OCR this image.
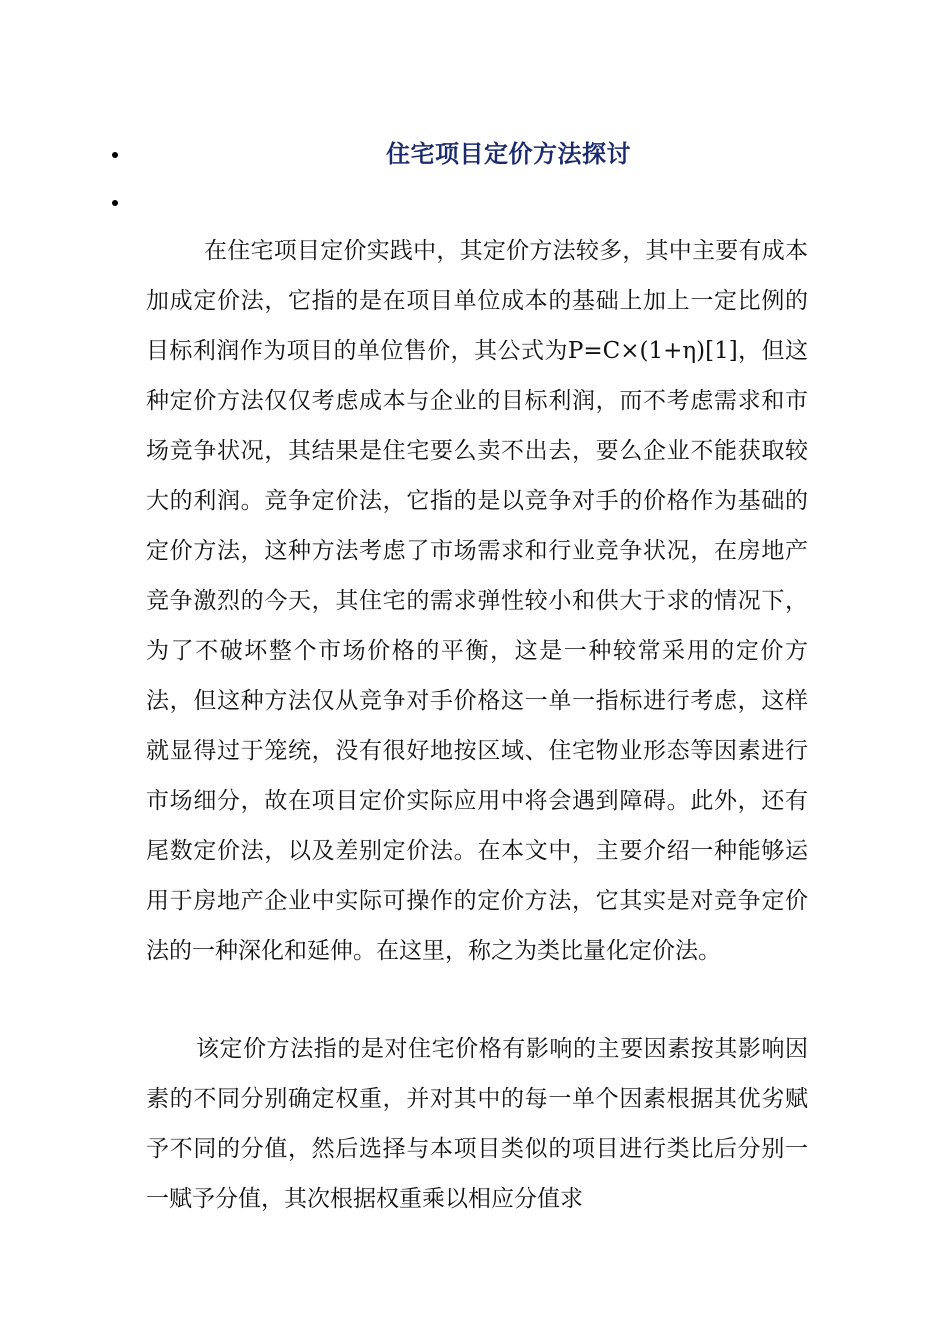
住宅项目定价方法探讨

在住宅项目定价实践中，其定价方法较多，其中主要有成本加成定价法，它指的是在项目单位成本的基础上加上一定比例的目标利润作为项目的单位售价，其公式为P=C×(1+η)[1]，但这种定价方法仅仅考虑成本与企业的目标利润，而不考虑需求和市场竞争状况，其结果是住宅要么卖不出去，要么企业不能获取较大的利润。竞争定价法，它指的是以竞争对手的价格作为基础的定价方法，这种方法考虑了市场需求和行业竞争状况，在房地产竞争激烈的今天，其住宅的需求弹性较小和供大于求的情况下，为了不破坏整个市场价格的平衡，这是一种较常采用的定价方法，但这种方法仅从竞争对手价格这一单一指标进行考虑，这样就显得过于笼统，没有很好地按区域、住宅物业形态等因素进行市场细分，故在项目定价实际应用中将会遇到障碍。此外，还有尾数定价法，以及差别定价法。在本文中，主要介绍一种能够运用于房地产企业中实际可操作的定价方法，它其实是对竞争定价法的一种深化和延伸。在这里，称之为类比量化定价法。

该定价方法指的是对住宅价格有影响的主要因素按其影响因素的不同分别确定权重，并对其中的每一单个因素根据其优劣赋予不同的分值，然后选择与本项目类似的项目进行类比后分别一一赋予分值，其次根据权重乘以相应分值求
